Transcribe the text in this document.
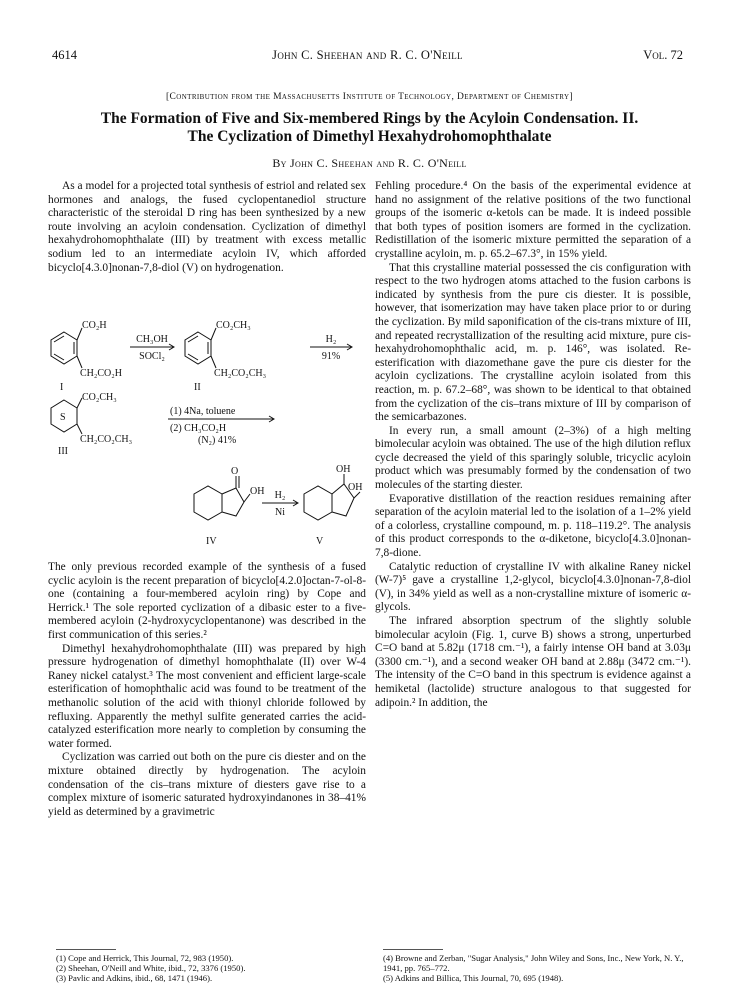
4614	John C. Sheehan and R. C. O'Neill	Vol. 72
[Contribution from the Massachusetts Institute of Technology, Department of Chemistry]
The Formation of Five and Six-membered Rings by the Acyloin Condensation. II.
The Cyclization of Dimethyl Hexahydrohomophthalate
By John C. Sheehan and R. C. O'Neill

As a model for a projected total synthesis of estriol and related sex hormones and analogs, the fused cyclopentanediol structure characteristic of the steroidal D ring has been synthesized by a new route involving an acyloin condensation. Cyclization of dimethyl hexahydrohomophthalate (III) by treatment with excess metallic sodium led to an intermediate acyloin IV, which afforded bicyclo[4.3.0]nonan-7,8-diol (V) on hydrogenation.

CO₂H
CH₂CO₂H
I
CH₃OH
SOCl₂
CO₂CH₃
CH₂CO₂CH₃
II
H₂
91%
S
CO₂CH₃
CH₂CO₂CH₃
III
(1) 4Na, toluene
(2) CH₃CO₂H
(N₂) 41%
O
OH
IV
H₂
Ni
OH
OH
V

The only previous recorded example of the synthesis of a fused cyclic acyloin is the recent preparation of bicyclo[4.2.0]octan-7-ol-8-one (containing a four-membered acyloin ring) by Cope and Herrick.¹ The sole reported cyclization of a dibasic ester to a five-membered acyloin (2-hydroxycyclopentanone) was described in the first communication of this series.²

Dimethyl hexahydrohomophthalate (III) was prepared by high pressure hydrogenation of dimethyl homophthalate (II) over W-4 Raney nickel catalyst.³ The most convenient and efficient large-scale esterification of homophthalic acid was found to be treatment of the methanolic solution of the acid with thionyl chloride followed by refluxing. Apparently the methyl sulfite generated carries the acid-catalyzed esterification more nearly to completion by consuming the water formed.

Cyclization was carried out both on the pure cis diester and on the mixture obtained directly by hydrogenation. The acyloin condensation of the cis–trans mixture of diesters gave rise to a complex mixture of isomeric saturated hydroxyindanones in 38–41% yield as determined by a gravimetric

Fehling procedure.⁴ On the basis of the experimental evidence at hand no assignment of the relative positions of the two functional groups of the isomeric α-ketols can be made. It is indeed possible that both types of position isomers are formed in the cyclization. Redistillation of the isomeric mixture permitted the separation of a crystalline acyloin, m. p. 65.2–67.3°, in 15% yield.

That this crystalline material possessed the cis configuration with respect to the two hydrogen atoms attached to the fusion carbons is indicated by synthesis from the pure cis diester. It is possible, however, that isomerization may have taken place prior to or during the cyclization. By mild saponification of the cis-trans mixture of III, and repeated recrystallization of the resulting acid mixture, pure cis-hexahydrohomophthalic acid, m. p. 146°, was isolated. Re-esterification with diazomethane gave the pure cis diester for the acyloin cyclizations. The crystalline acyloin isolated from this reaction, m. p. 67.2–68°, was shown to be identical to that obtained from the cyclization of the cis–trans mixture of III by comparison of the semicarbazones.

In every run, a small amount (2–3%) of a high melting bimolecular acyloin was obtained. The use of the high dilution reflux cycle decreased the yield of this sparingly soluble, tricyclic acyloin product which was presumably formed by the condensation of two molecules of the starting diester.

Evaporative distillation of the reaction residues remaining after separation of the acyloin material led to the isolation of a 1–2% yield of a colorless, crystalline compound, m. p. 118–119.2°. The analysis of this product corresponds to the α-diketone, bicyclo[4.3.0]nonan-7,8-dione.

Catalytic reduction of crystalline IV with alkaline Raney nickel (W-7)⁵ gave a crystalline 1,2-glycol, bicyclo[4.3.0]nonan-7,8-diol (V), in 34% yield as well as a non-crystalline mixture of isomeric α-glycols.

The infrared absorption spectrum of the slightly soluble bimolecular acyloin (Fig. 1, curve B) shows a strong, unperturbed C=O band at 5.82μ (1718 cm.⁻¹), a fairly intense OH band at 3.03μ (3300 cm.⁻¹), and a second weaker OH band at 2.88μ (3472 cm.⁻¹). The intensity of the C=O band in this spectrum is evidence against a hemiketal (lactolide) structure analogous to that suggested for adipoin.² In addition, the

(1) Cope and Herrick, This Journal, 72, 983 (1950).
(2) Sheehan, O'Neill and White, ibid., 72, 3376 (1950).
(3) Pavlic and Adkins, ibid., 68, 1471 (1946).
(4) Browne and Zerban, "Sugar Analysis," John Wiley and Sons, Inc., New York, N. Y., 1941, pp. 765–772.
(5) Adkins and Billica, This Journal, 70, 695 (1948).
